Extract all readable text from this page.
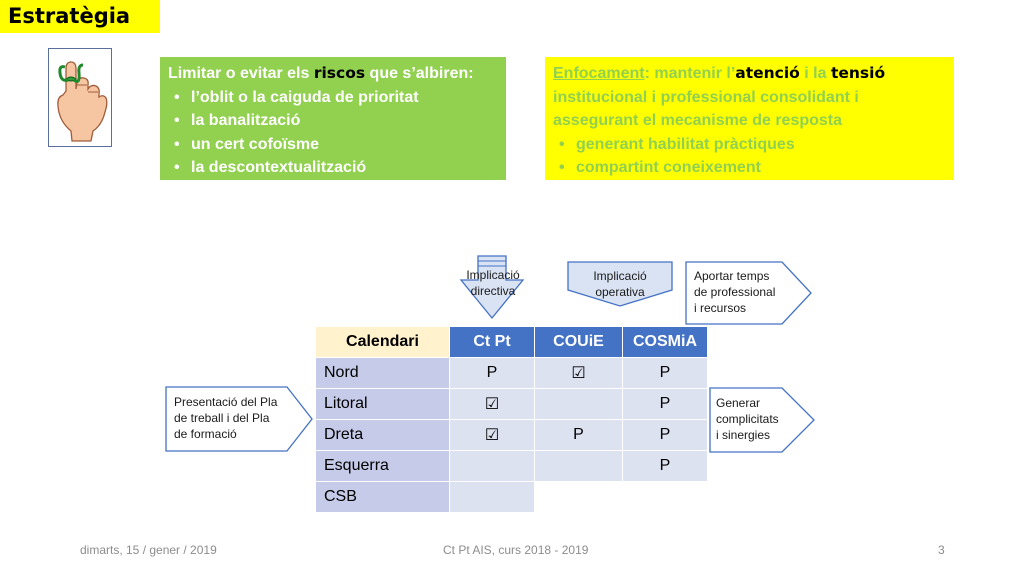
Estratègia
Limitar o evitar els riscos que s’albiren:
• l’oblit o la caiguda de prioritat
• la banalització
• un cert cofoïsme
• la descontextualització
Enfocament: mantenir l’atenció i la tensió institucional i professional consolidant i assegurant el mecanisme de resposta
• generant habilitat pràctiques
• compartint coneixement
Implicació
directiva
Implicació
operativa
Aportar temps
de professional
i recursos
Presentació del Pla
de treball i del Pla
de formació
Generar
complicitats
i sinergies
Calendari	Ct Pt	COUiE	COSMiA
Nord	P	☑	P
Litoral	☑		P
Dreta	☑	P	P
Esquerra			P
CSB			
dimarts, 15 / gener / 2019	Ct Pt AIS, curs 2018 - 2019	3
